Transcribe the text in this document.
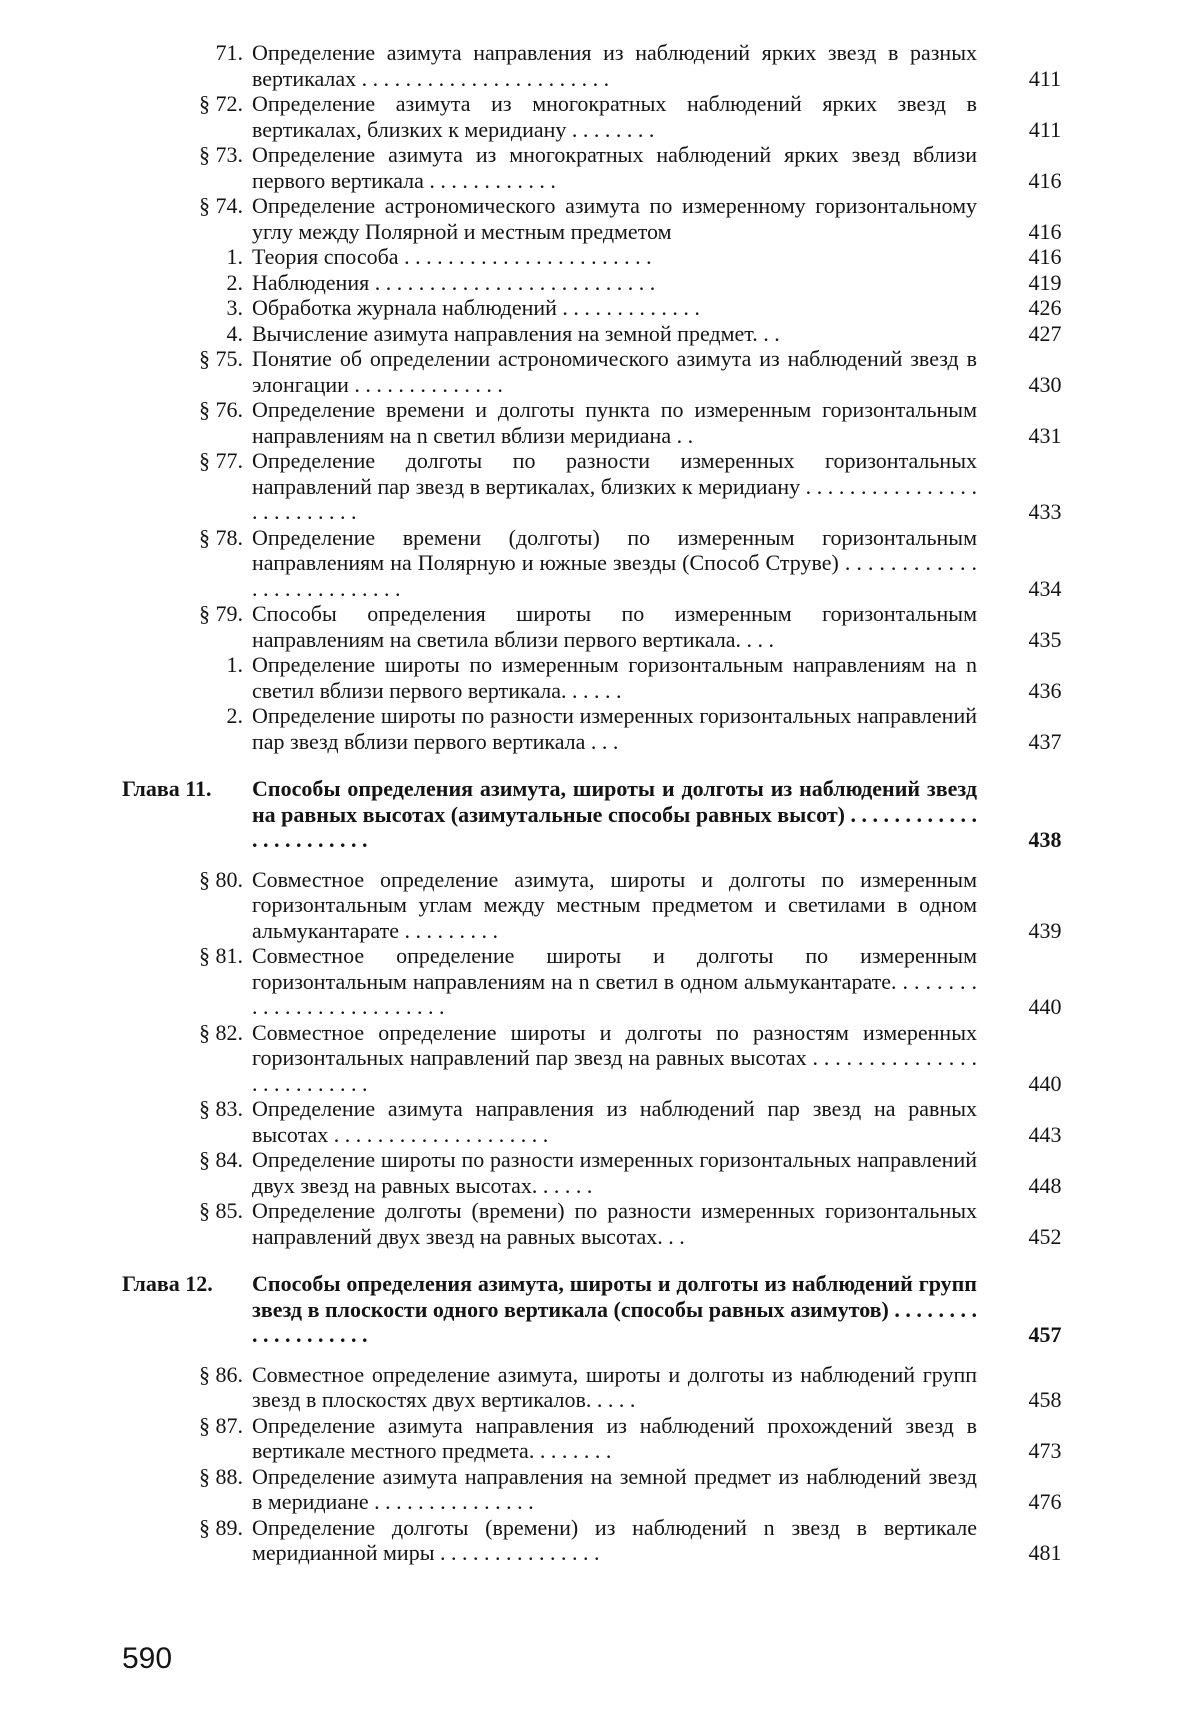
71. Определение азимута направления из наблюдений ярких звезд в разных вертикалах . . . . . . . . . . . . . . . . . . . . . . .	411
§ 72. Определение азимута из многократных наблюдений ярких звезд в вертикалах, близких к меридиану . . . . . . . .	411
§ 73. Определение азимута из многократных наблюдений ярких звезд вблизи первого вертикала . . . . . . . . . . . .	416
§ 74. Определение астрономического азимута по измеренному горизонтальному углу между Полярной и местным предметом	416
1. Теория способа . . . . . . . . . . . . . . . . . . . . . . .	416
2. Наблюдения . . . . . . . . . . . . . . . . . . . . . . . . . .	419
3. Обработка журнала наблюдений . . . . . . . . . . . . .	426
4. Вычисление азимута направления на земной предмет. . .	427
§ 75. Понятие об определении астрономического азимута из наблюдений звезд в элонгации . . . . . . . . . . . . . .	430
§ 76. Определение времени и долготы пункта по измеренным горизонтальным направлениям на n светил вблизи меридиана . .	431
§ 77. Определение долготы по разности измеренных горизонтальных направлений пар звезд в вертикалах, близких к меридиану . . . . . . . . . . . . . . . . . . . . . . . . . .	433
§ 78. Определение времени (долготы) по измеренным горизонтальным направлениям на Полярную и южные звезды (Способ Струве) . . . . . . . . . . . . . . . . . . . . . . . . . .	434
§ 79. Способы определения широты по измеренным горизонтальным направлениям на светила вблизи первого вертикала. . . .	435
1. Определение широты по измеренным горизонтальным направлениям на n светил вблизи первого вертикала. . . . . .	436
2. Определение широты по разности измеренных горизонтальных направлений пар звезд вблизи первого вертикала . . .	437
Глава 11. Способы определения азимута, широты и долготы из наблюдений звезд на равных высотах (азимутальные способы равных высот) . . . . . . . . . . . . . . . . . . . . . . .	438
§ 80. Совместное определение азимута, широты и долготы по измеренным горизонтальным углам между местным предметом и светилами в одном альмукантарате . . . . . . . . .	439
§ 81. Совместное определение широты и долготы по измеренным горизонтальным направлениям на n светил в одном альмукантарате. . . . . . . . . . . . . . . . . . . . . . . . . .	440
§ 82. Совместное определение широты и долготы по разностям измеренных горизонтальных направлений пар звезд на равных высотах . . . . . . . . . . . . . . . . . . . . . . . . . .	440
§ 83. Определение азимута направления из наблюдений пар звезд на равных высотах . . . . . . . . . . . . . . . . . . . .	443
§ 84. Определение широты по разности измеренных горизонтальных направлений двух звезд на равных высотах. . . . . .	448
§ 85. Определение долготы (времени) по разности измеренных горизонтальных направлений двух звезд на равных высотах. . .	452
Глава 12. Способы определения азимута, широты и долготы из наблюдений групп звезд в плоскости одного вертикала (способы равных азимутов) . . . . . . . . . . . . . . . . . . .	457
§ 86. Совместное определение азимута, широты и долготы из наблюдений групп звезд в плоскостях двух вертикалов. . . . .	458
§ 87. Определение азимута направления из наблюдений прохождений звезд в вертикале местного предмета. . . . . . . .	473
§ 88. Определение азимута направления на земной предмет из наблюдений звезд в меридиане . . . . . . . . . . . . . . .	476
§ 89. Определение долготы (времени) из наблюдений n звезд в вертикале меридианной миры . . . . . . . . . . . . . . .	481
590
